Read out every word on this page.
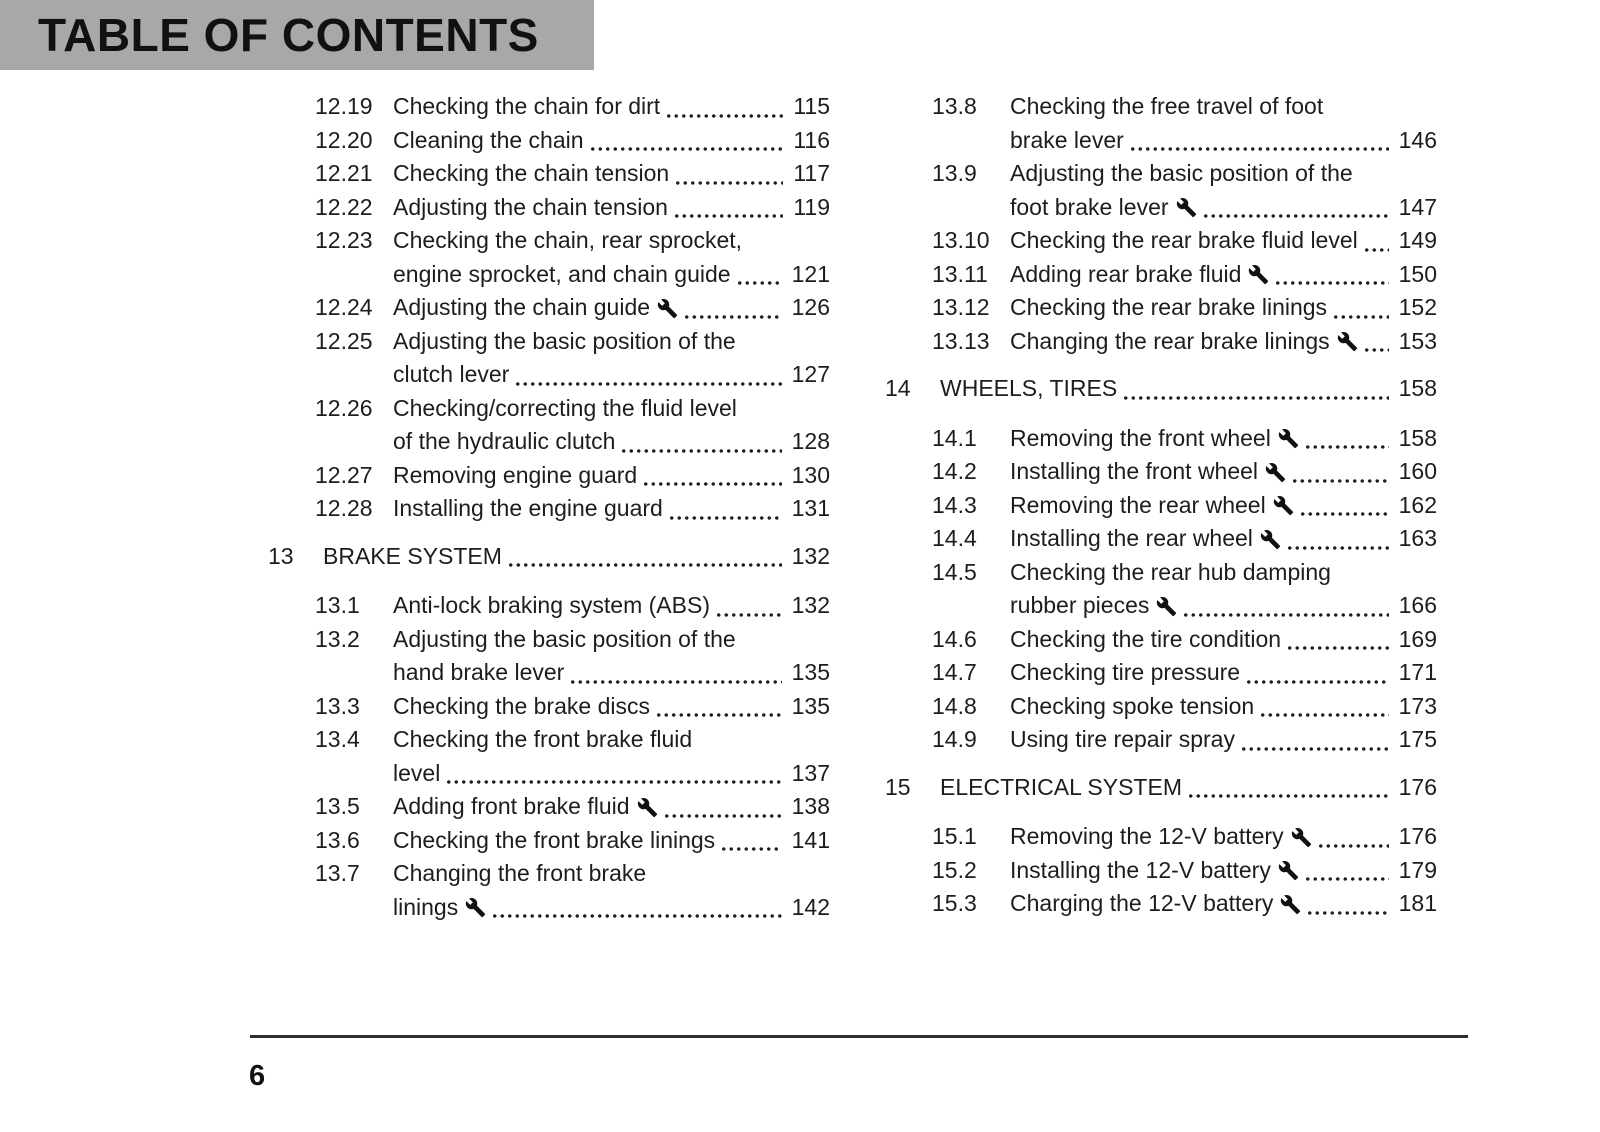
TABLE OF CONTENTS
12.19 Checking the chain for dirt	115
12.20 Cleaning the chain	116
12.21 Checking the chain tension	117
12.22 Adjusting the chain tension	119
12.23 Checking the chain, rear sprocket,
engine sprocket, and chain guide	121
12.24 Adjusting the chain guide	126
12.25 Adjusting the basic position of the
clutch lever	127
12.26 Checking/correcting the fluid level
of the hydraulic clutch	128
12.27 Removing engine guard	130
12.28 Installing the engine guard	131
13	BRAKE SYSTEM	132
13.1	Anti-lock braking system (ABS)	132
13.2	Adjusting the basic position of the
hand brake lever	135
13.3	Checking the brake discs	135
13.4	Checking the front brake fluid
level	137
13.5	Adding front brake fluid	138
13.6	Checking the front brake linings	141
13.7	Changing the front brake
linings	142
13.8	Checking the free travel of foot
brake lever	146
13.9	Adjusting the basic position of the
foot brake lever	147
13.10 Checking the rear brake fluid level 149
13.11 Adding rear brake fluid	150
13.12 Checking the rear brake linings	152
13.13 Changing the rear brake linings	153
14	WHEELS, TIRES	158
14.1	Removing the front wheel	158
14.2	Installing the front wheel	160
14.3	Removing the rear wheel	162
14.4	Installing the rear wheel	163
14.5	Checking the rear hub damping
rubber pieces	166
14.6	Checking the tire condition	169
14.7	Checking tire pressure	171
14.8	Checking spoke tension	173
14.9	Using tire repair spray	175
15	ELECTRICAL SYSTEM	176
15.1	Removing the 12-V battery	176
15.2	Installing the 12-V battery	179
15.3	Charging the 12-V battery	181
6
